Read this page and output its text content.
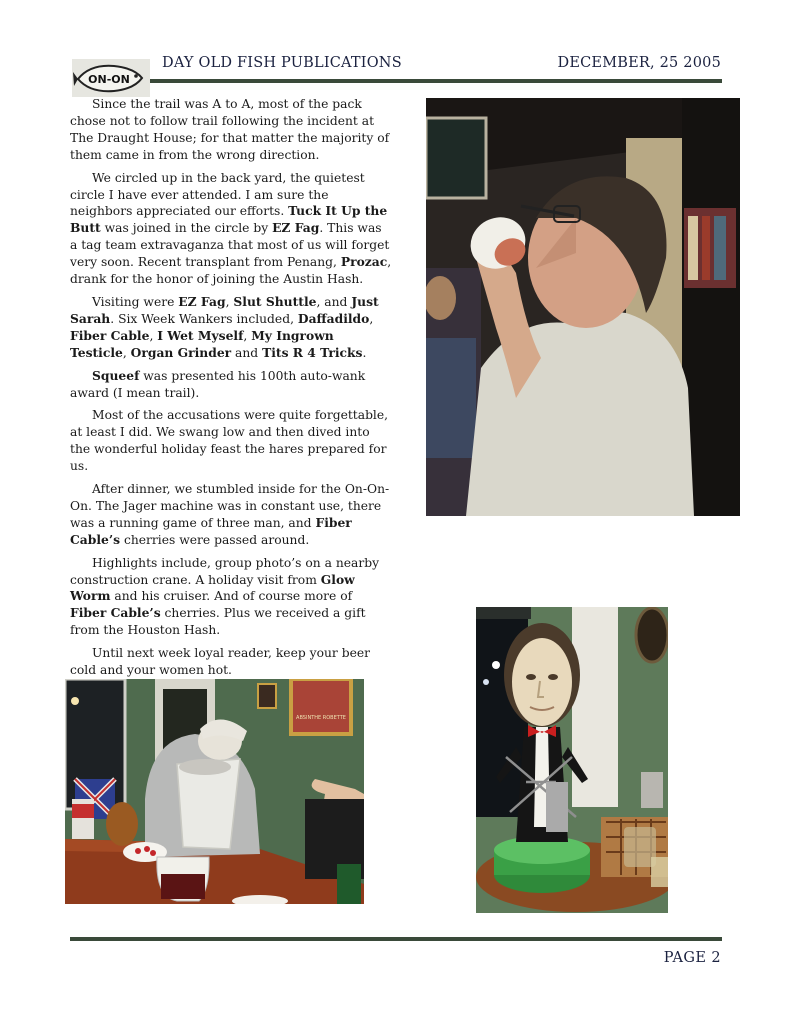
ON-ON
DAY OLD FISH PUBLICATIONS	DECEMBER, 25 2005

Since the trail was A to A, most of the pack chose not to follow trail following the incident at The Draught House; for that matter the majority of them came in from the wrong direction.

We circled up in the back yard, the quietest circle I have ever attended. I am sure the neighbors appreciated our efforts. Tuck It Up the Butt was joined in the circle by EZ Fag. This was a tag team extravaganza that most of us will forget very soon. Recent transplant from Penang, Prozac, drank for the honor of joining the Austin Hash.

Visiting were EZ Fag, Slut Shuttle, and Just Sarah. Six Week Wankers included, Daffadildo, Fiber Cable, I Wet Myself, My Ingrown Testicle, Organ Grinder and Tits R 4 Tricks.

Squeef was presented his 100th auto-wank award (I mean trail).

Most of the accusations were quite forgettable, at least I did. We swang low and then dived into the wonderful holiday feast the hares prepared for us.

After dinner, we stumbled inside for the On-On-On. The Jager machine was in constant use, there was a running game of three man, and Fiber Cable’s cherries were passed around.

Highlights include, group photo’s on a nearby construction crane. A holiday visit from Glow Worm and his cruiser. And of course more of Fiber Cable’s cherries. Plus we received a gift from the Houston Hash.

Until next week loyal reader, keep your beer cold and your women hot.

ABSINTHE ROBETTE
PAGE 2
